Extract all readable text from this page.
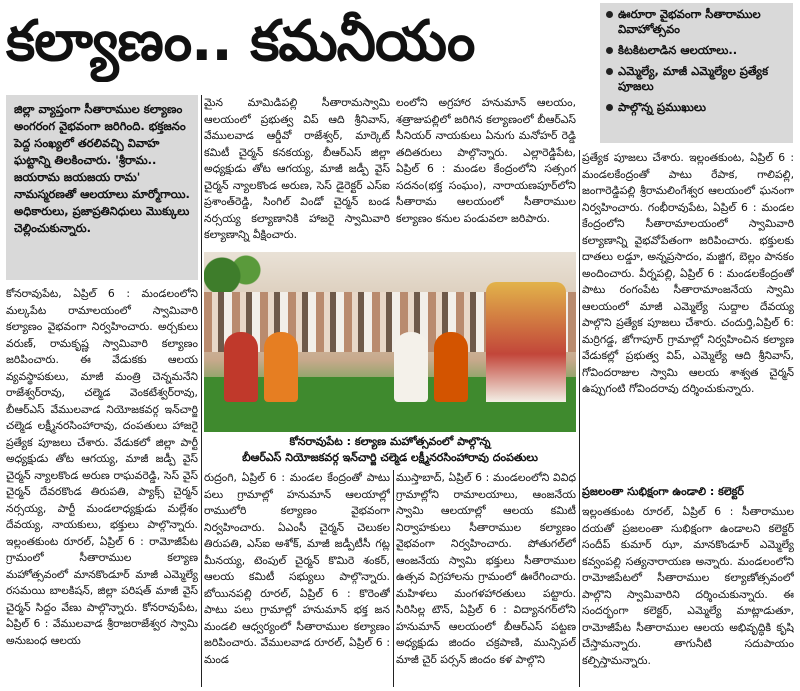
కల్యాణం.. కమనీయం	ఊరూరా వైభవంగా సీతారాముల వివాహోత్సవం
కిటకిటలాడిన ఆలయాలు..
ఎమ్మెల్యే, మాజీ ఎమ్మెల్యేల ప్రత్యేక పూజలు
పాల్గొన్న ప్రముఖులు
జిల్లా వ్యాప్తంగా సీతారాముల కల్యాణం అంగరంగ వైభవంగా జరిగింది. భక్తజనం పెద్ద సంఖ్యలో తరలివచ్చి వివాహ ఘట్టాన్ని తిలకించారు. 'శ్రీరామ.. జయరామ జయజయ రామ' నామస్మరణతో ఆలయాలు మార్మోగాయి. అధికారులు, ప్రజాప్రతినిధులు మొక్కులు చెల్లించుకున్నారు.
కోనరావుపేట, ఏప్రిల్ 6 : మండలంలోని మల్కపేట రామాలయంలో స్వామివారి కల్యాణం వైభవంగా నిర్వహించారు. అర్చకులు వరుణ్, రామకృష్ణ స్వామివారి కల్యాణం జరిపించారు. ఈ వేడుకకు ఆలయ వ్యవస్థాపకులు, మాజీ మంత్రి చెన్నమనేని రాజేశ్వర్‌రావు, చల్మెడ వెంకటేశ్వర్‌రావు, బీఆర్‌ఎస్ వేములవాడ నియోజకవర్గ ఇన్‌చార్జి చల్మెడ లక్ష్మీనరసింహారావు, దంపతులు హాజరై ప్రత్యేక పూజలు చేశారు. వేడుకలో జిల్లా పార్టీ అధ్యక్షుడు తోట ఆగయ్య, మాజీ జడ్పీ వైస్ చైర్మన్ న్యాలకొండ అరుణ రాఘవరెడ్డి, సెస్ వైస్ చైర్మన్ దేవరకొండ తిరుపతి, ప్యాక్స్ చైర్మన్ నర్సయ్య, పార్టీ మండలాధ్యక్షుడు మల్లేశం దేవయ్య, నాయకులు, భక్తులు పాల్గొన్నారు. ఇల్లంతకుంట రూరల్, ఏప్రిల్ 6 : రామోజీపేట గ్రామంలో సీతారాముల కల్యాణ మహోత్సవంలో మానకొండూర్ మాజీ ఎమ్మెల్యే రసమయి బాలకిషన్, జిల్లా పరిషత్ మాజీ వైస్ చైర్మన్ సిద్దం వేణు పాల్గొన్నారు. కోనరావుపేట, ఏప్రిల్ 6 : వేములవాడ శ్రీరాజరాజేశ్వర స్వామి అనుబంధ ఆలయ
మైన మామిడిపల్లి సీతారామస్వామి ఆలయంలో ప్రభుత్వ విప్ ఆది శ్రీనివాస్, వేములవాడ ఆర్డీవో రాజేశ్వర్, మార్కెట్ కమిటీ చైర్మన్ కనకయ్య, బీఆర్‌ఎస్ జిల్లా అధ్యక్షుడు తోట ఆగయ్య, మాజీ జడ్పీ వైస్ చైర్మన్ న్యాలకొండ అరుణ, సెస్ డైరెక్టర్ ఎస్‌ఐ ప్రశాంత్‌రెడ్డి, సింగిల్ విండో చైర్మన్ బండ నర్సయ్య కల్యాణానికి హాజరై స్వామివారి కల్యాణాన్ని వీక్షించారు.
లంలోని అగ్రహార హనుమాన్ ఆలయం, శత్రాజుపల్లిలో జరిగిన కల్యాణంలో బీఆర్‌ఎస్ సీనియర్ నాయకులు ఏనుగు మనోహర్ రెడ్డి తదితరులు పాల్గొన్నారు. ఎల్లారెడ్డిపేట, ఏప్రిల్ 6 : మండల కేంద్రంలోని సత్సంగ సదనం(భక్త సంఘం), నారాయణపూర్‌లోని సీతారామ ఆలయంలో సీతారాముల కల్యాణం కనుల పండువలా జరిపారు.
కోనరావుపేట : కల్యాణ మహోత్సవంలో పాల్గొన్న
బీఆర్‌ఎస్ నియోజకవర్గ ఇన్‌చార్జి చల్మెడ లక్ష్మీనరసింహారావు దంపతులు
రుద్రంగి, ఏప్రిల్ 6 : మండల కేంద్రంతో పాటు పలు గ్రామాల్లో హనుమాన్ ఆలయాల్లో రాములోరి కల్యాణం వైభవంగా నిర్వహించారు. ఏఎంసీ చైర్మన్ చెలుకల తిరుపతి, ఎస్‌ఐ అశోక్, మాజీ జడ్పీటీసీ గట్ల మీనయ్య, టెంపుల్ చైర్మన్ కొమిరె శంకర్, ఆలయ కమిటీ సభ్యులు పాల్గొన్నారు. బోయినపల్లి రూరల్, ఏప్రిల్ 6 : కొరెంతో పాటు పలు గ్రామాల్లో హనుమాన్ భక్త జన మండలి ఆధ్వర్యంలో సీతారాముల కల్యాణం జరిపించారు. వేములవాడ రూరల్, ఏప్రిల్ 6 : మండ
ముస్తాబాద్, ఏప్రిల్ 6 : మండలంలోని వివిధ గ్రామాల్లోని రామాలయాలు, ఆంజనేయ స్వామి ఆలయాల్లో ఆలయ కమిటీ నిర్వాహకులు సీతారాముల కల్యాణం వైభవంగా నిర్వహించారు. పోతుగల్‌లో ఆంజనేయ స్వామి భక్తులు సీతారాముల ఉత్సవ విగ్రహాలను గ్రామంలో ఊరేగించారు. మహిళలు మంగళహారతులు పట్టారు. సిరిసిల్ల టౌన్, ఏప్రిల్ 6 : విద్యానగర్‌లోని హనుమాన్ ఆలయంలో బీఆర్‌ఎస్ పట్టణ అధ్యక్షుడు జిందం చక్రపాణి, మున్సిపల్ మాజీ చైర్ పర్సన్ జిందం కళ పాల్గొని
ప్రత్యేక పూజలు చేశారు. ఇల్లంతకుంట, ఏప్రిల్ 6 : మండలకేంద్రంతో పాటు రేపాక, గాలిపల్లి, జంగారెడ్డిపల్లి శ్రీరామలింగేశ్వర ఆలయంలో ఘనంగా నిర్వహించారు. గంభీరావుపేట, ఏప్రిల్ 6 : మండల కేంద్రంలోని సీతారామాలయంలో స్వామివారి కల్యాణాన్ని వైభవోపేతంగా జరిపించారు. భక్తులకు దాతలు లడ్డూ, అన్నప్రసాదం, మజ్జిగ, బెల్లం పానకం అందించారు. వీర్నపల్లి, ఏప్రిల్ 6 : మండలకేంద్రంతో పాటు రంగంపేట సీతారామాంజనేయ స్వామి ఆలయంలో మాజీ ఎమ్మెల్యే సుద్దాల దేవయ్య పాల్గొని ప్రత్యేక పూజలు చేశారు. చందుర్తి,ఏప్రిల్ 6: మర్రిగడ్డ, జోగాపూర్ గ్రామాల్లో నిర్వహించిన కల్యాణ వేడుకల్లో ప్రభుత్వ విప్, ఎమ్మెల్యే ఆది శ్రీనివాస్, గోవిందరాజుల స్వామి ఆలయ శాశ్వత చైర్మన్ ఉప్పుగంటి గోవిందరావు దర్శించుకున్నారు.
ప్రజలంతా సుభిక్షంగా ఉండాలి : కలెక్టర్
ఇల్లంతకుంట రూరల్, ఏప్రిల్ 6 : సీతారాముల దయతో ప్రజలంతా సుభిక్షంగా ఉండాలని కలెక్టర్ సందీప్ కుమార్ ఝా, మానకొండూర్ ఎమ్మెల్యే కవ్వంపల్లి సత్యనారాయణ అన్నారు. మండలంలోని రామోజిపేటలో సీతారాముల కల్యాణోత్సవంలో పాల్గొని స్వామివారిని దర్శించుకున్నారు. ఈ సందర్భంగా కలెక్టర్, ఎమ్మెల్యే మాట్లాడుతూ, రామోజీపేట సీతారాముల ఆలయ అభివృద్ధికి కృషి చేస్తామన్నారు. తాగునీటి సదుపాయం కల్పిస్తామన్నారు.
